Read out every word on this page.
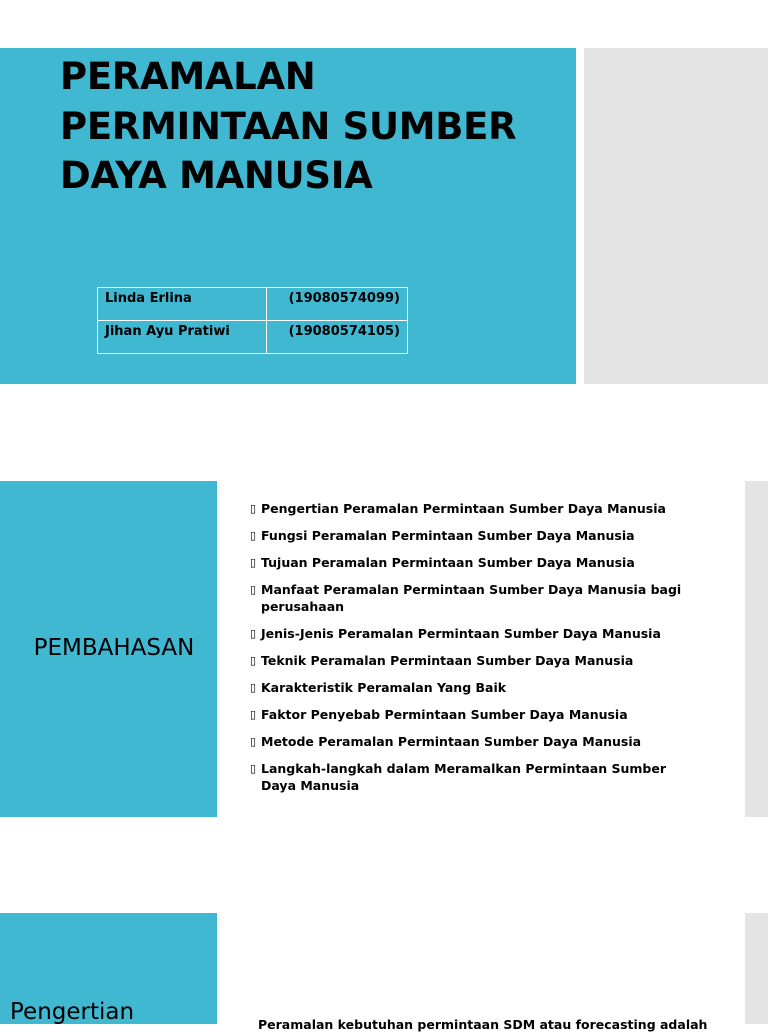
PERAMALAN PERMINTAAN SUMBER DAYA MANUSIA
Linda Erlina	(19080574099)
Jihan Ayu Pratiwi	(19080574105)
PEMBAHASAN
▯ Pengertian Peramalan Permintaan Sumber Daya Manusia
▯ Fungsi Peramalan Permintaan Sumber Daya Manusia
▯ Tujuan Peramalan Permintaan Sumber Daya Manusia
▯ Manfaat Peramalan Permintaan Sumber Daya Manusia bagi perusahaan
▯ Jenis-Jenis Peramalan Permintaan Sumber Daya Manusia
▯ Teknik Peramalan Permintaan Sumber Daya Manusia
▯ Karakteristik Peramalan Yang Baik
▯ Faktor Penyebab Permintaan Sumber Daya Manusia
▯ Metode Peramalan Permintaan Sumber Daya Manusia
▯ Langkah-langkah dalam Meramalkan Permintaan Sumber Daya Manusia
Pengertian	Peramalan kebutuhan permintaan SDM atau forecasting adalah
